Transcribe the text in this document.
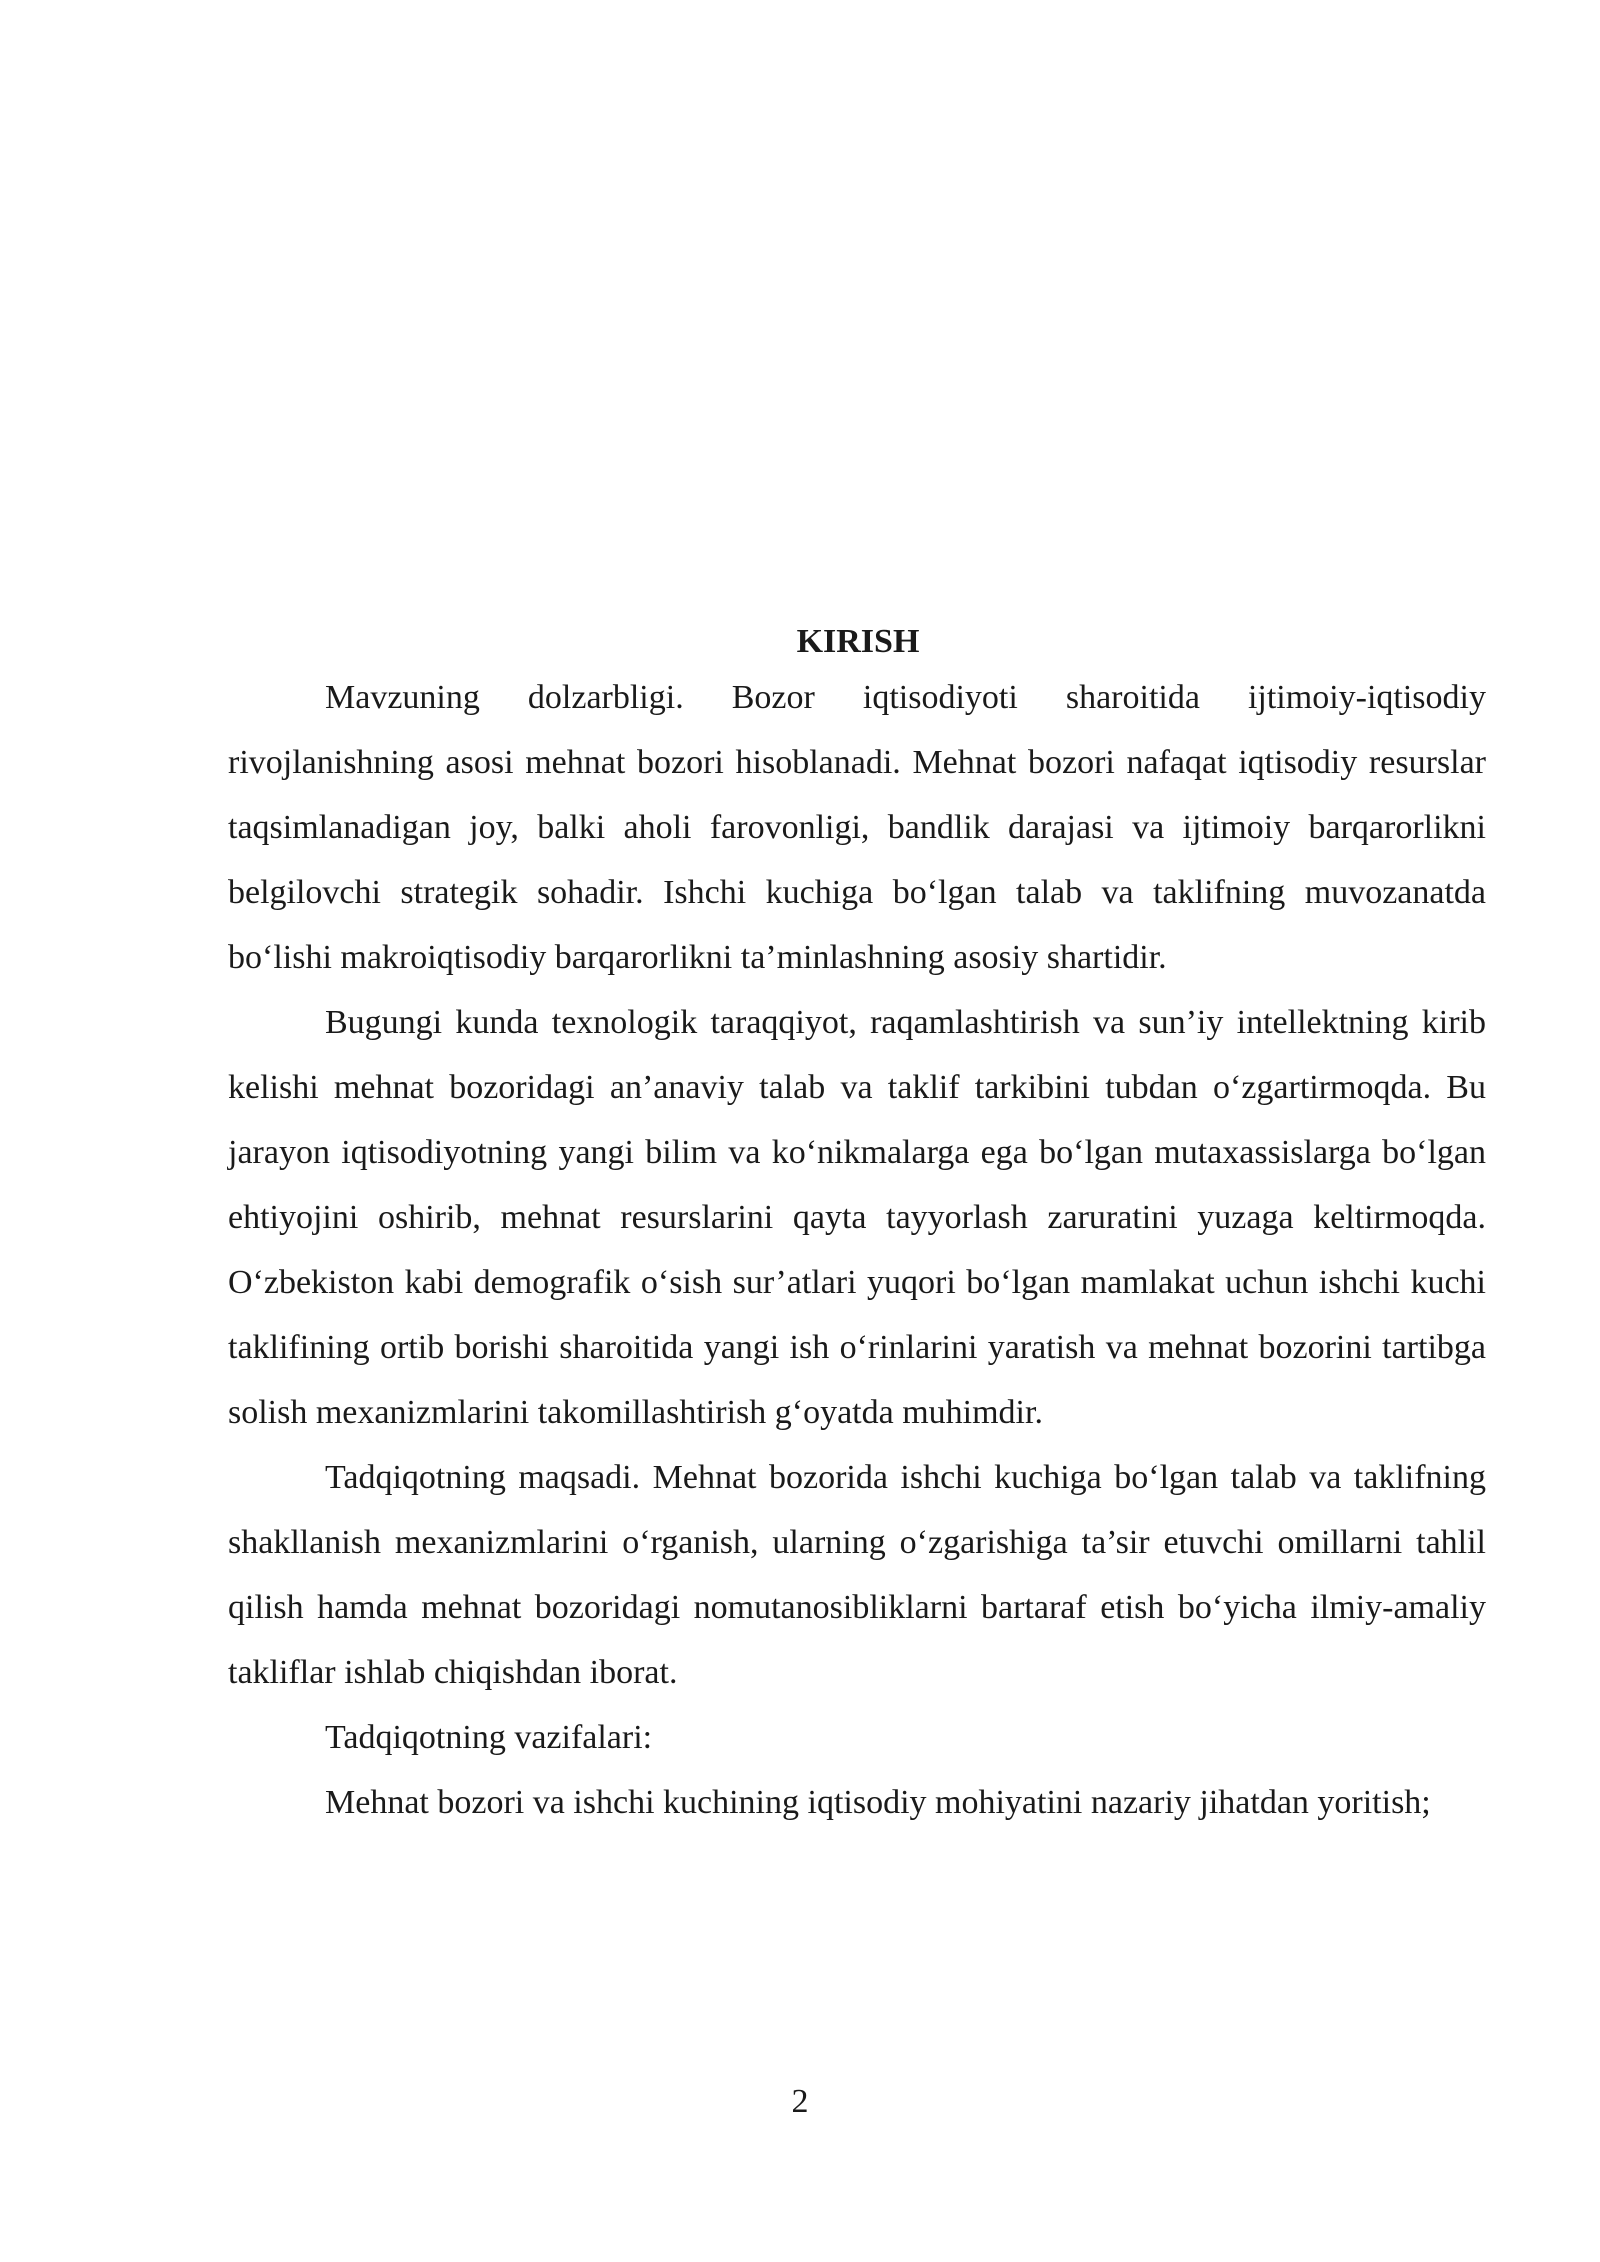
KIRISH

Mavzuning dolzarbligi. Bozor iqtisodiyoti sharoitida ijtimoiy-iqtisodiy rivojlanishning asosi mehnat bozori hisoblanadi. Mehnat bozori nafaqat iqtisodiy resurslar taqsimlanadigan joy, balki aholi farovonligi, bandlik darajasi va ijtimoiy barqarorlikni belgilovchi strategik sohadir. Ishchi kuchiga bo‘lgan talab va taklifning muvozanatda bo‘lishi makroiqtisodiy barqarorlikni ta’minlashning asosiy shartidir.

Bugungi kunda texnologik taraqqiyot, raqamlashtirish va sun’iy intellektning kirib kelishi mehnat bozoridagi an’anaviy talab va taklif tarkibini tubdan o‘zgartirmoqda. Bu jarayon iqtisodiyotning yangi bilim va ko‘nikmalarga ega bo‘lgan mutaxassislarga bo‘lgan ehtiyojini oshirib, mehnat resurslarini qayta tayyorlash zaruratini yuzaga keltirmoqda. O‘zbekiston kabi demografik o‘sish sur’atlari yuqori bo‘lgan mamlakat uchun ishchi kuchi taklifining ortib borishi sharoitida yangi ish o‘rinlarini yaratish va mehnat bozorini tartibga solish mexanizmlarini takomillashtirish g‘oyatda muhimdir.

Tadqiqotning maqsadi. Mehnat bozorida ishchi kuchiga bo‘lgan talab va taklifning shakllanish mexanizmlarini o‘rganish, ularning o‘zgarishiga ta’sir etuvchi omillarni tahlil qilish hamda mehnat bozoridagi nomutanosibliklarni bartaraf etish bo‘yicha ilmiy-amaliy takliflar ishlab chiqishdan iborat.

Tadqiqotning vazifalari:

Mehnat bozori va ishchi kuchining iqtisodiy mohiyatini nazariy jihatdan yoritish;

2
